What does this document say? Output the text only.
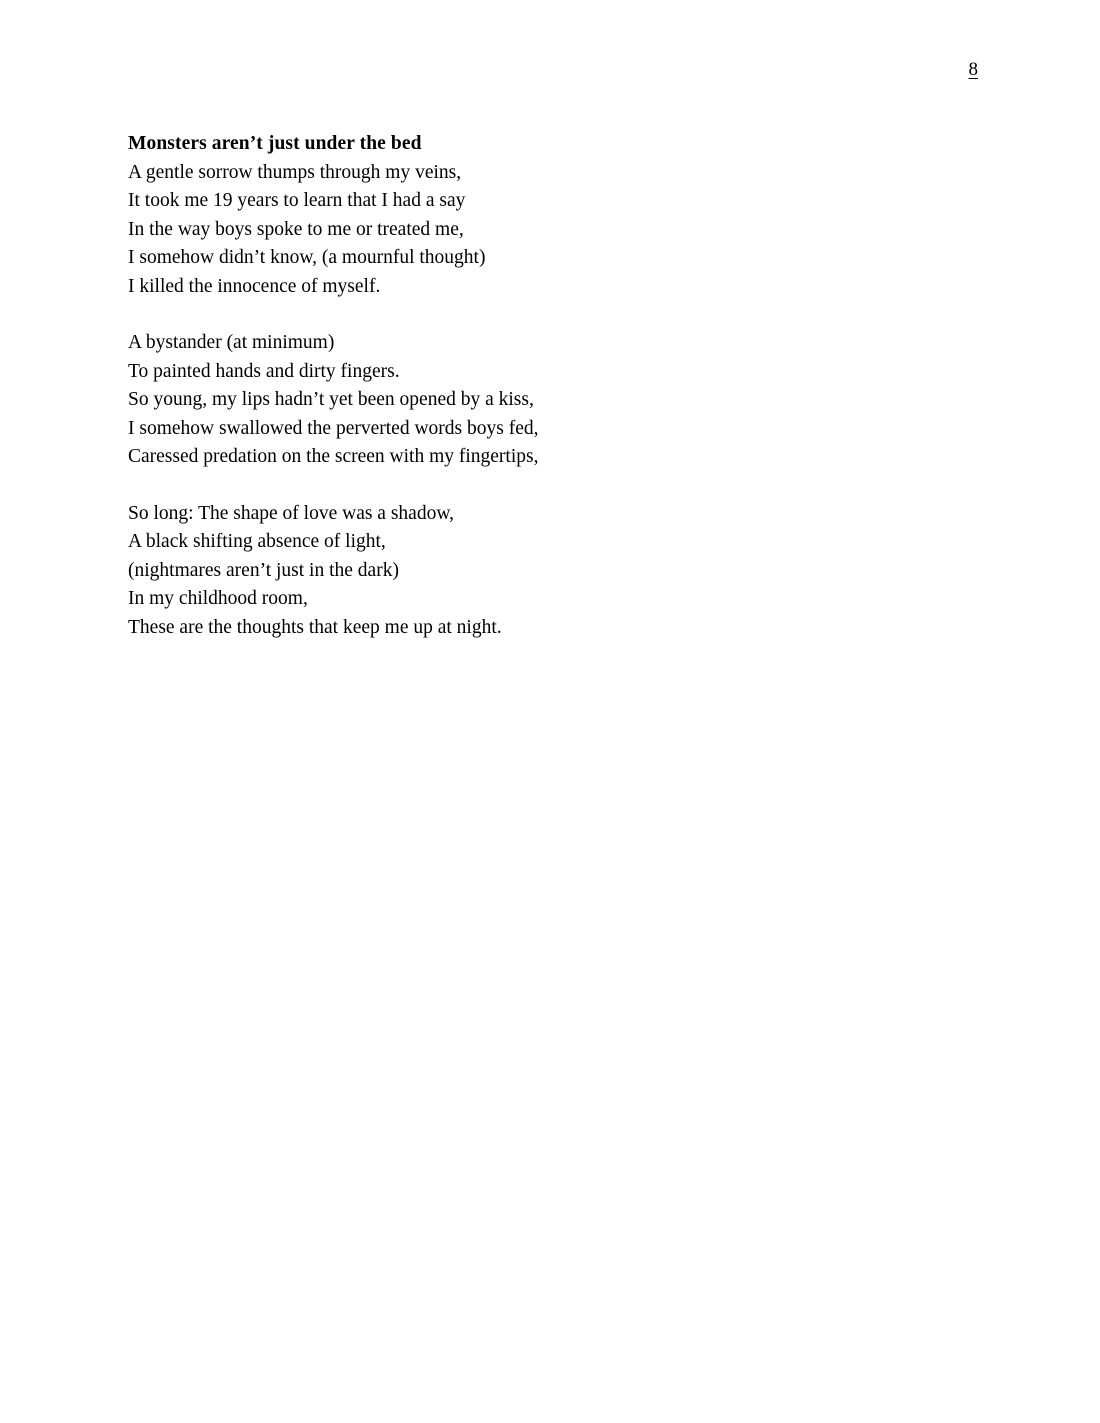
8
Monsters aren’t just under the bed
A gentle sorrow thumps through my veins,
It took me 19 years to learn that I had a say
In the way boys spoke to me or treated me,
I somehow didn’t know, (a mournful thought)
I killed the innocence of myself.
A bystander (at minimum)
To painted hands and dirty fingers.
So young, my lips hadn’t yet been opened by a kiss,
I somehow swallowed the perverted words boys fed,
Caressed predation on the screen with my fingertips,
So long: The shape of love was a shadow,
A black shifting absence of light,
(nightmares aren’t just in the dark)
In my childhood room,
These are the thoughts that keep me up at night.
